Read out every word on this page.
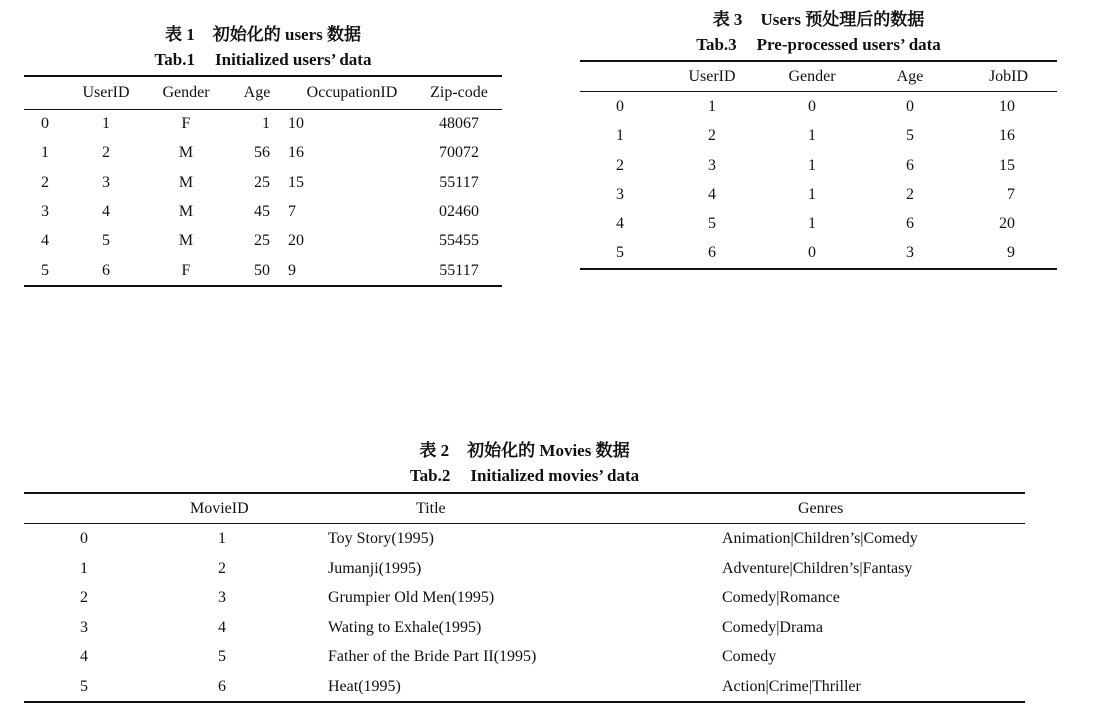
表 1 初始化的 users 数据
Tab.1 Initialized users’ data
	UserID	Gender	Age	OccupationID	Zip-code
0	1	F	1	10	48067
1	2	M	56	16	70072
2	3	M	25	15	55117
3	4	M	45	7	02460
4	5	M	25	20	55455
5	6	F	50	9	55117
表 3 Users 预处理后的数据
Tab.3 Pre-processed users’ data
	UserID	Gender	Age	JobID
0	1	0	0	10
1	2	1	5	16
2	3	1	6	15
3	4	1	2	7
4	5	1	6	20
5	6	0	3	9
表 2 初始化的 Movies 数据
Tab.2 Initialized movies’ data
	MovieID	Title	Genres
0	1	Toy Story(1995)	Animation|Children’s|Comedy
1	2	Jumanji(1995)	Adventure|Children’s|Fantasy
2	3	Grumpier Old Men(1995)	Comedy|Romance
3	4	Wating to Exhale(1995)	Comedy|Drama
4	5	Father of the Bride Part II(1995)	Comedy
5	6	Heat(1995)	Action|Crime|Thriller
